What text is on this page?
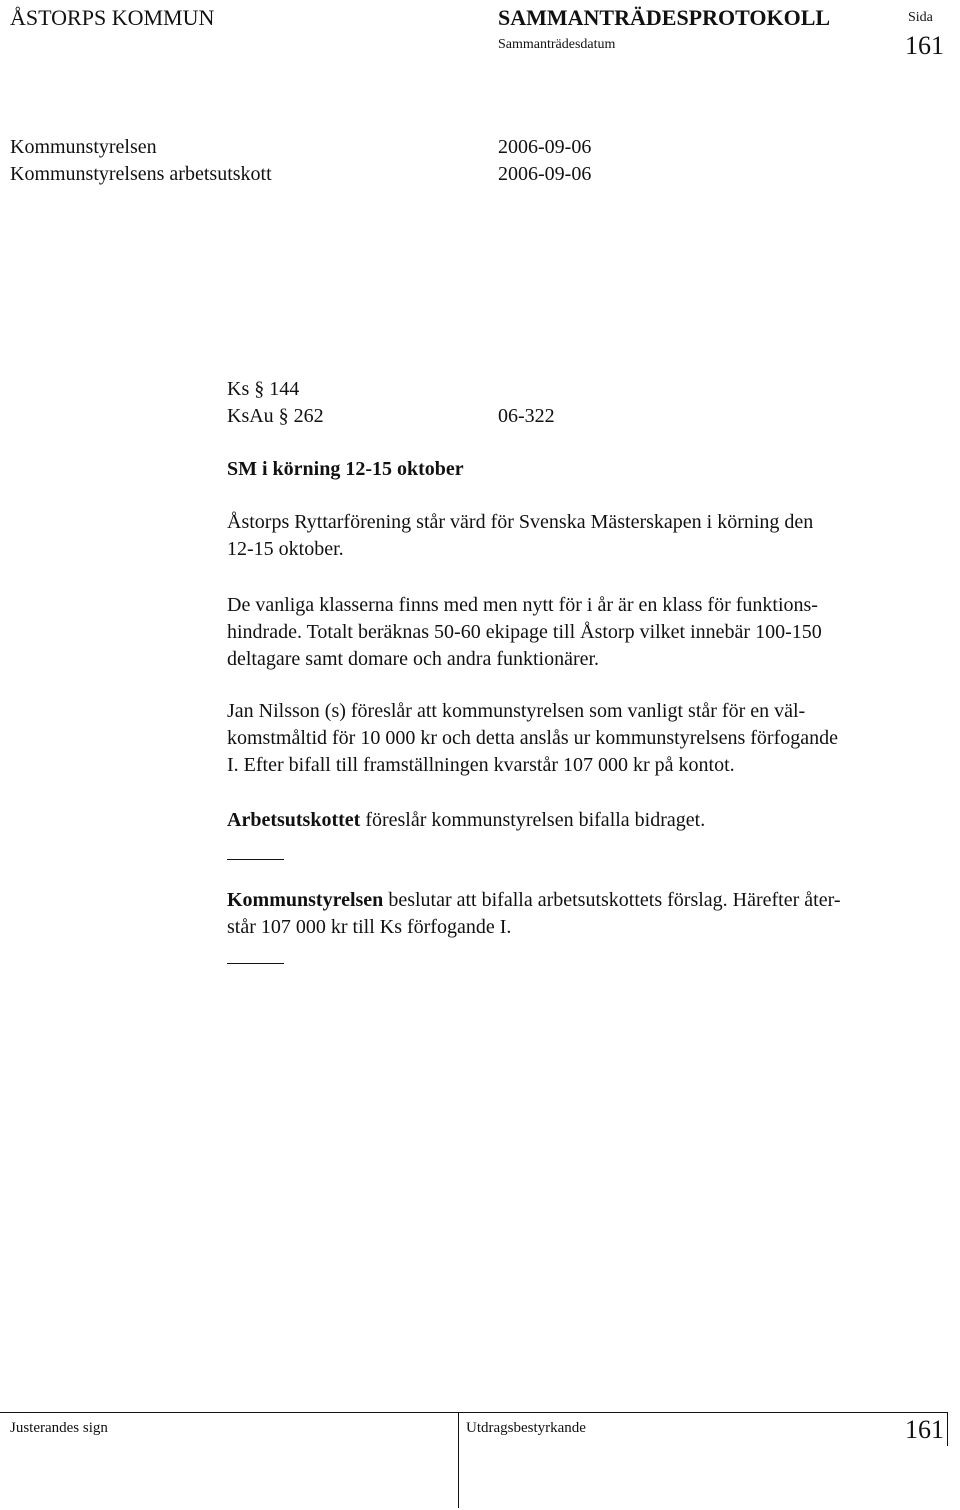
ÅSTORPS KOMMUN	SAMMANTRÄDESPROTOKOLL	Sida
Sammanträdesdatum	161
Kommunstyrelsen	2006-09-06
Kommunstyrelsens arbetsutskott	2006-09-06
Ks § 144
KsAu § 262	06-322
SM i körning 12-15 oktober
Åstorps Ryttarförening står värd för Svenska Mästerskapen i körning den
12-15 oktober.
De vanliga klasserna finns med men nytt för i år är en klass för funktions-
hindrade. Totalt beräknas 50-60 ekipage till Åstorp vilket innebär 100-150
deltagare samt domare och andra funktionärer.
Jan Nilsson (s) föreslår att kommunstyrelsen som vanligt står för en väl-
komstmåltid för 10 000 kr och detta anslås ur kommunstyrelsens förfogande
I. Efter bifall till framställningen kvarstår 107 000 kr på kontot.
Arbetsutskottet föreslår kommunstyrelsen bifalla bidraget.
Kommunstyrelsen beslutar att bifalla arbetsutskottets förslag. Härefter åter-
står 107 000 kr till Ks förfogande I.
Justerandes sign	Utdragsbestyrkande	161
